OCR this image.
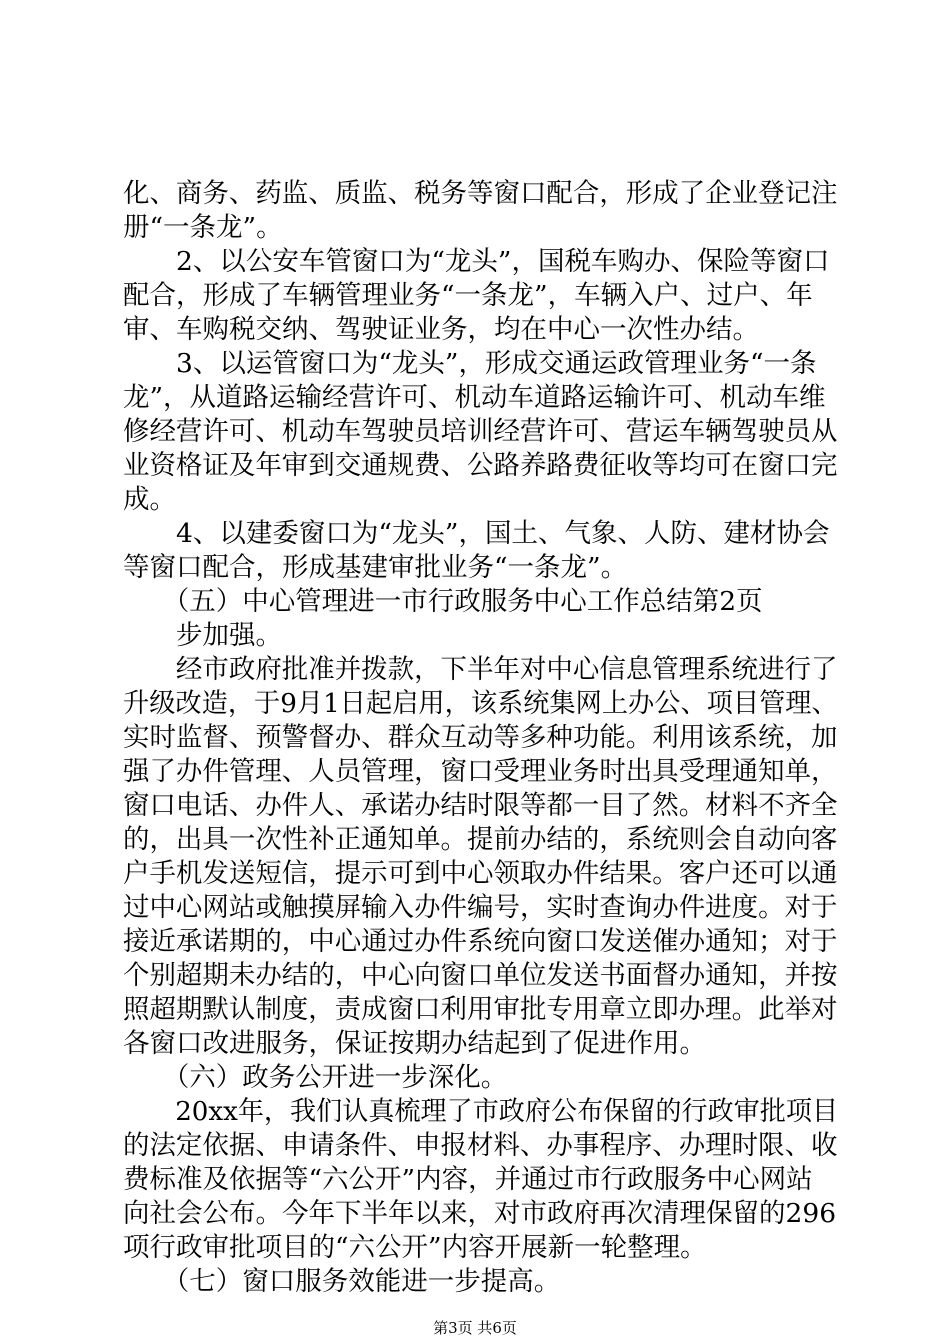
化、商务、药监、质监、税务等窗口配合，形成了企业登记注
册“一条龙”。
　　2、以公安车管窗口为“龙头”，国税车购办、保险等窗口
配合，形成了车辆管理业务“一条龙”，车辆入户、过户、年
审、车购税交纳、驾驶证业务，均在中心一次性办结。
　　3、以运管窗口为“龙头”，形成交通运政管理业务“一条
龙”，从道路运输经营许可、机动车道路运输许可、机动车维
修经营许可、机动车驾驶员培训经营许可、营运车辆驾驶员从
业资格证及年审到交通规费、公路养路费征收等均可在窗口完
成。
　　4、以建委窗口为“龙头”，国土、气象、人防、建材协会
等窗口配合，形成基建审批业务“一条龙”。
　　（五）中心管理进一市行政服务中心工作总结第2页
　　步加强。
　　经市政府批准并拨款，下半年对中心信息管理系统进行了
升级改造，于9月1日起启用，该系统集网上办公、项目管理、
实时监督、预警督办、群众互动等多种功能。利用该系统，加
强了办件管理、人员管理，窗口受理业务时出具受理通知单，
窗口电话、办件人、承诺办结时限等都一目了然。材料不齐全
的，出具一次性补正通知单。提前办结的，系统则会自动向客
户手机发送短信，提示可到中心领取办件结果。客户还可以通
过中心网站或触摸屏输入办件编号，实时查询办件进度。对于
接近承诺期的，中心通过办件系统向窗口发送催办通知；对于
个别超期未办结的，中心向窗口单位发送书面督办通知，并按
照超期默认制度，责成窗口利用审批专用章立即办理。此举对
各窗口改进服务，保证按期办结起到了促进作用。
　　（六）政务公开进一步深化。
　　20xx年，我们认真梳理了市政府公布保留的行政审批项目
的法定依据、申请条件、申报材料、办事程序、办理时限、收
费标准及依据等“六公开”内容，并通过市行政服务中心网站
向社会公布。今年下半年以来，对市政府再次清理保留的296
项行政审批项目的“六公开”内容开展新一轮整理。
　　（七）窗口服务效能进一步提高。
第3页 共6页
